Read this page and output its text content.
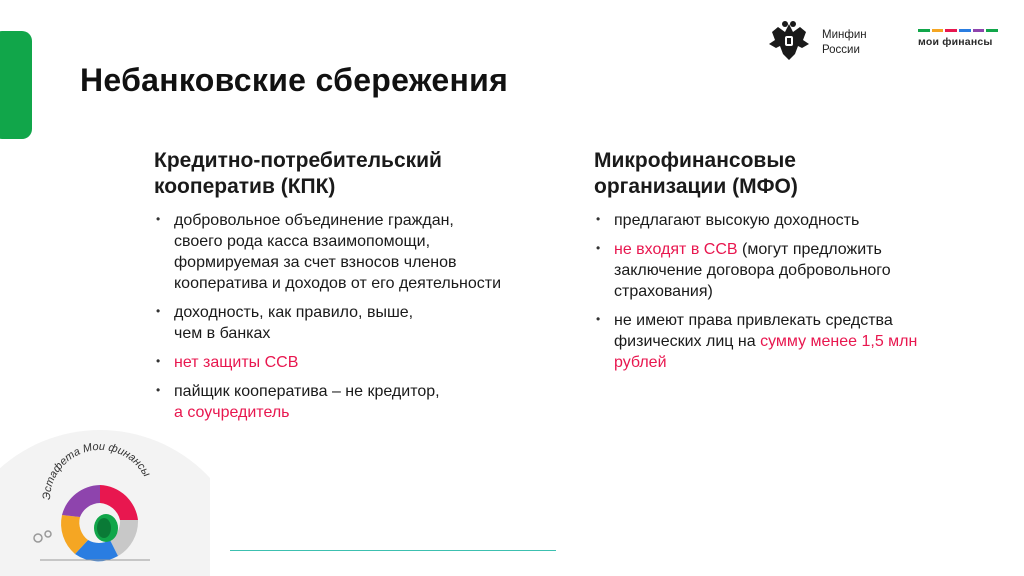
Небанковские сбережения
Минфин
России
мои финансы
Кредитно-потребительский
кооператив (КПК)
• добровольное объединение граждан,
своего рода касса взаимопомощи,
формируемая за счет взносов членов
кооператива и доходов от его деятельности
• доходность, как правило, выше,
чем в банках
• нет защиты ССВ
• пайщик кооператива – не кредитор,
а соучредитель
Микрофинансовые
организации (МФО)
• предлагают высокую доходность
• не входят в ССВ (могут предложить
заключение договора добровольного
страхования)
• не имеют права привлекать средства
физических лиц на сумму менее 1,5 млн
рублей
Эстафета Мои финансы
